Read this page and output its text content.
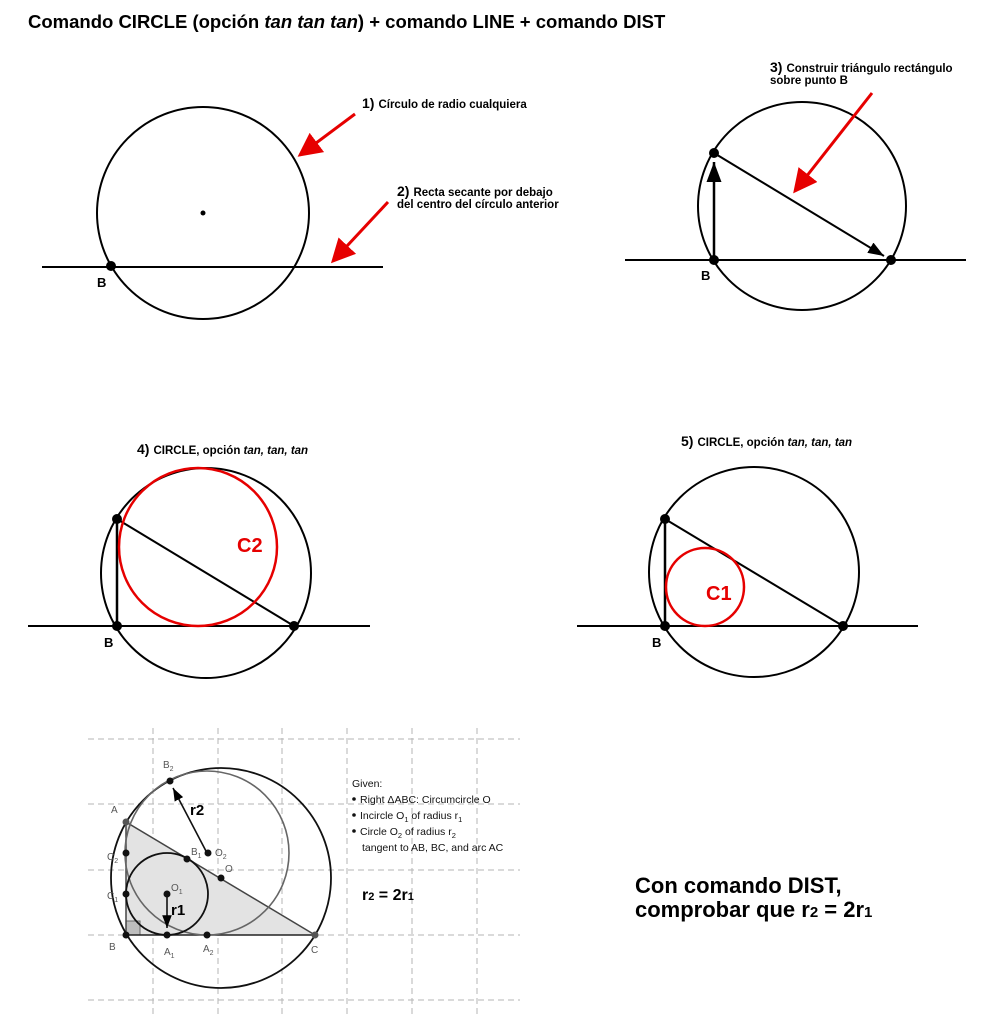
Comando CIRCLE (opción tan tan tan) + comando LINE + comando DIST
B
1) Círculo de radio cualquiera
2) Recta secante por debajo
del centro del círculo anterior
B
3) Construir triángulo rectángulo
sobre punto B
4) CIRCLE, opción tan, tan, tan
B
C2
5) CIRCLE, opción tan, tan, tan
B
C1
B2
A
C2
C1
B1 O2
O
O1
B	A1
A2	C
r2
r1
Given:
Right ΔABC: Circumcircle O
Incircle O1 of radius r1
Circle O2 of radius r2
tangent to AB, BC, and arc AC
r2 = 2r1	Con comando DIST,
comprobar que r2 = 2r1
